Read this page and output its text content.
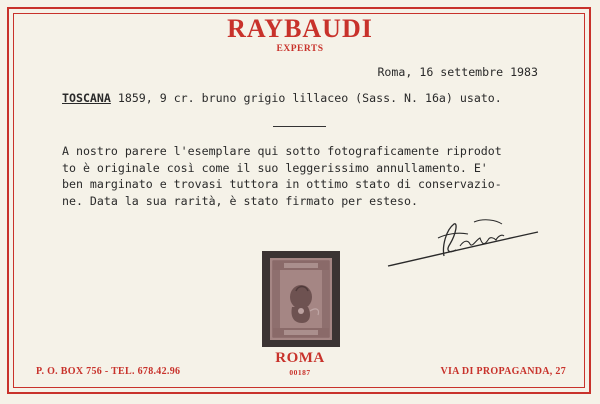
RAYBAUDI
EXPERTS
Roma, 16 settembre 1983
TOSCANA 1859, 9 cr. bruno grigio lillaceo (Sass. N. 16a) usato.
A nostro parere l'esemplare qui sotto fotograficamente riprodot
to è originale così come il suo leggerissimo annullamento. E'
ben marginato e trovasi tuttora in ottimo stato di conservazio-
ne. Data la sua rarità, è stato firmato per esteso.
P. O. BOX 756 - TEL. 678.42.96
ROMA
00187	VIA DI PROPAGANDA, 27
